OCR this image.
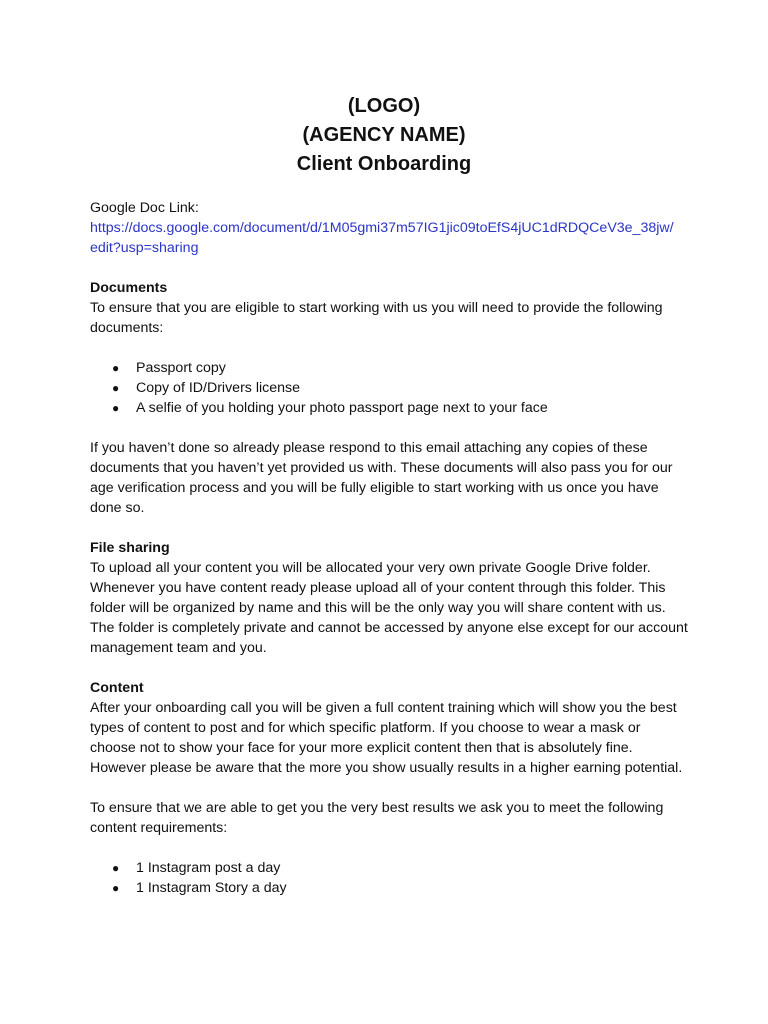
(LOGO)
(AGENCY NAME)
Client Onboarding

Google Doc Link:

https://docs.google.com/document/d/1M05gmi37m57IG1jic09toEfS4jUC1dRDQCeV3e_38jw/edit?usp=sharing

Documents

To ensure that you are eligible to start working with us you will need to provide the following documents:

● Passport copy
● Copy of ID/Drivers license
● A selfie of you holding your photo passport page next to your face

If you haven’t done so already please respond to this email attaching any copies of these documents that you haven’t yet provided us with. These documents will also pass you for our age verification process and you will be fully eligible to start working with us once you have done so.

File sharing

To upload all your content you will be allocated your very own private Google Drive folder. Whenever you have content ready please upload all of your content through this folder. This folder will be organized by name and this will be the only way you will share content with us. The folder is completely private and cannot be accessed by anyone else except for our account management team and you.

Content

After your onboarding call you will be given a full content training which will show you the best types of content to post and for which specific platform. If you choose to wear a mask or choose not to show your face for your more explicit content then that is absolutely fine. However please be aware that the more you show usually results in a higher earning potential.

To ensure that we are able to get you the very best results we ask you to meet the following content requirements:

● 1 Instagram post a day
● 1 Instagram Story a day
